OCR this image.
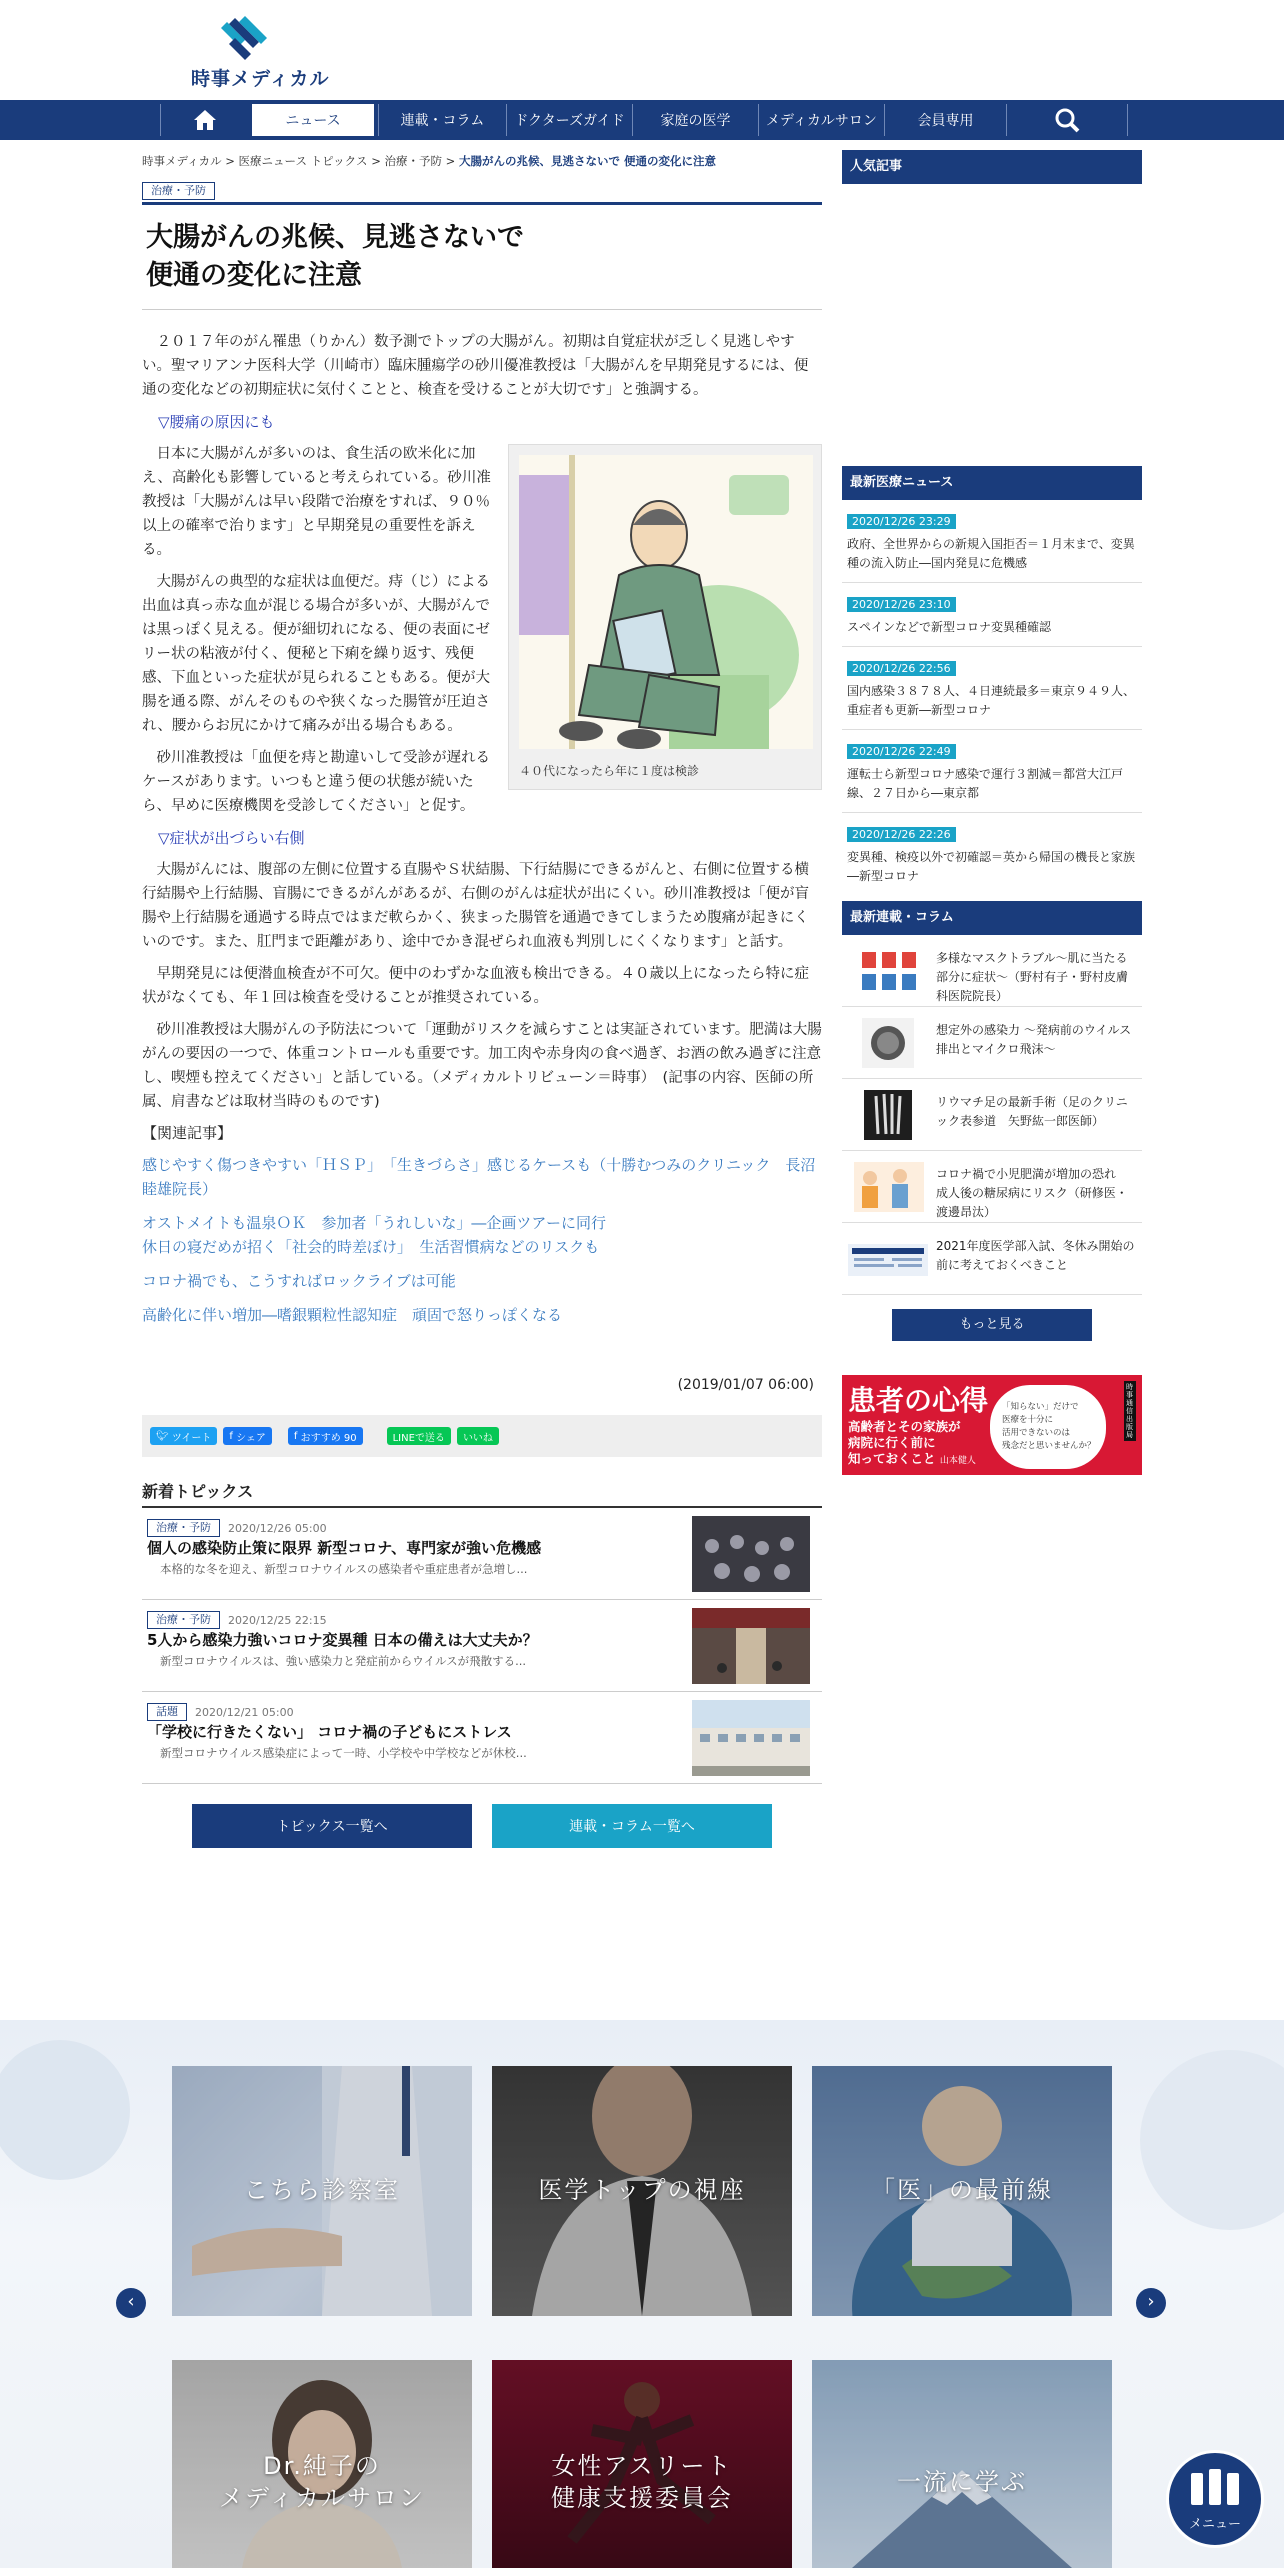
時事メディカル
ニュース	連載・コラム	ドクターズガイド	家庭の医学	メディカルサロン	会員専用
時事メディカル > 医療ニュース トピックス > 治療・予防 > 大腸がんの兆候、見逃さないで 便通の変化に注意
治療・予防
大腸がんの兆候、見逃さないで
便通の変化に注意

２０１７年のがん罹患（りかん）数予測でトップの大腸がん。初期は自覚症状が乏しく見逃しやすい。聖マリアンナ医科大学（川崎市）臨床腫瘍学の砂川優准教授は「大腸がんを早期発見するには、便通の変化などの初期症状に気付くことと、検査を受けることが大切です」と強調する。

▽腰痛の原因にも
４０代になったら年に１度は検診

日本に大腸がんが多いのは、食生活の欧米化に加え、高齢化も影響していると考えられている。砂川准教授は「大腸がんは早い段階で治療をすれば、９０％以上の確率で治ります」と早期発見の重要性を訴える。

大腸がんの典型的な症状は血便だ。痔（じ）による出血は真っ赤な血が混じる場合が多いが、大腸がんでは黒っぽく見える。便が細切れになる、便の表面にゼリー状の粘液が付く、便秘と下痢を繰り返す、残便感、下血といった症状が見られることもある。便が大腸を通る際、がんそのものや狭くなった腸管が圧迫され、腰からお尻にかけて痛みが出る場合もある。

砂川准教授は「血便を痔と勘違いして受診が遅れるケースがあります。いつもと違う便の状態が続いたら、早めに医療機関を受診してください」と促す。

▽症状が出づらい右側

大腸がんには、腹部の左側に位置する直腸やＳ状結腸、下行結腸にできるがんと、右側に位置する横行結腸や上行結腸、盲腸にできるがんがあるが、右側のがんは症状が出にくい。砂川准教授は「便が盲腸や上行結腸を通過する時点ではまだ軟らかく、狭まった腸管を通過できてしまうため腹痛が起きにくいのです。また、肛門まで距離があり、途中でかき混ぜられ血液も判別しにくくなります」と話す。

早期発見には便潜血検査が不可欠。便中のわずかな血液も検出できる。４０歳以上になったら特に症状がなくても、年１回は検査を受けることが推奨されている。

砂川准教授は大腸がんの予防法について「運動がリスクを減らすことは実証されています。肥満は大腸がんの要因の一つで、体重コントロールも重要です。加工肉や赤身肉の食べ過ぎ、お酒の飲み過ぎに注意し、喫煙も控えてください」と話している。（メディカルトリビューン＝時事）　(記事の内容、医師の所属、肩書などは取材当時のものです)

【関連記事】
感じやすく傷つきやすい「ＨＳＰ」　「生きづらさ」感じるケースも（十勝むつみのクリニック　長沼睦雄院長）
オストメイトも温泉ＯＫ　参加者「うれしいな」―企画ツアーに同行
休日の寝だめが招く「社会的時差ぼけ」　生活習慣病などのリスクも
コロナ禍でも、こうすればロックライブは可能
高齢化に伴い増加―嗜銀顆粒性認知症　頑固で怒りっぽくなる
(2019/01/07 06:00)
🐦︎ ツイート f シェア	f おすすめ 90	LINEで送る いいね
新着トピックス
治療・予防	2020/12/26 05:00
個人の感染防止策に限界 新型コロナ、専門家が強い危機感
本格的な冬を迎え、新型コロナウイルスの感染者や重症患者が急増し...
治療・予防	2020/12/25 22:15
5人から感染力強いコロナ変異種 日本の備えは大丈夫か？
新型コロナウイルスは、強い感染力と発症前からウイルスが飛散する...
話題	2020/12/21 05:00
「学校に行きたくない」 コロナ禍の子どもにストレス
新型コロナウイルス感染症によって一時、小学校や中学校などが休校...
トピックス一覧へ	連載・コラム一覧へ
人気記事
最新医療ニュース
2020/12/26 23:29
政府、全世界からの新規入国拒否＝１月末まで、変異種の流入防止―国内発見に危機感
2020/12/26 23:10
スペインなどで新型コロナ変異種確認
2020/12/26 22:56
国内感染３８７８人、４日連続最多＝東京９４９人、重症者も更新―新型コロナ
2020/12/26 22:49
運転士ら新型コロナ感染で運行３割減＝都営大江戸線、２７日から―東京都
2020/12/26 22:26
変異種、検疫以外で初確認＝英から帰国の機長と家族―新型コロナ
最新連載・コラム
多様なマスクトラブル～肌に当たる部分に症状～（野村有子・野村皮膚科医院院長）
想定外の感染力 ～発病前のウイルス排出とマイクロ飛沫～
リウマチ足の最新手術（足のクリニック表参道　矢野紘一郎医師）
コロナ禍で小児肥満が増加の恐れ　成人後の糖尿病にリスク（研修医・渡邊昂汰）
2021年度医学部入試、冬休み開始の前に考えておくべきこと
もっと見る
患者の心得
高齢者とその家族が
病院に行く前に
知っておくこと 山本健人
「知らない」だけで
医療を十分に
活用できないのは
残念だと思いませんか？
時事通信出版局
こちら診察室	医学トップの視座	「医」の最前線
Dr.純子の
メディカルサロン
女性アスリート
健康支援委員会
一流に学ぶ
‹	›
メニュー
